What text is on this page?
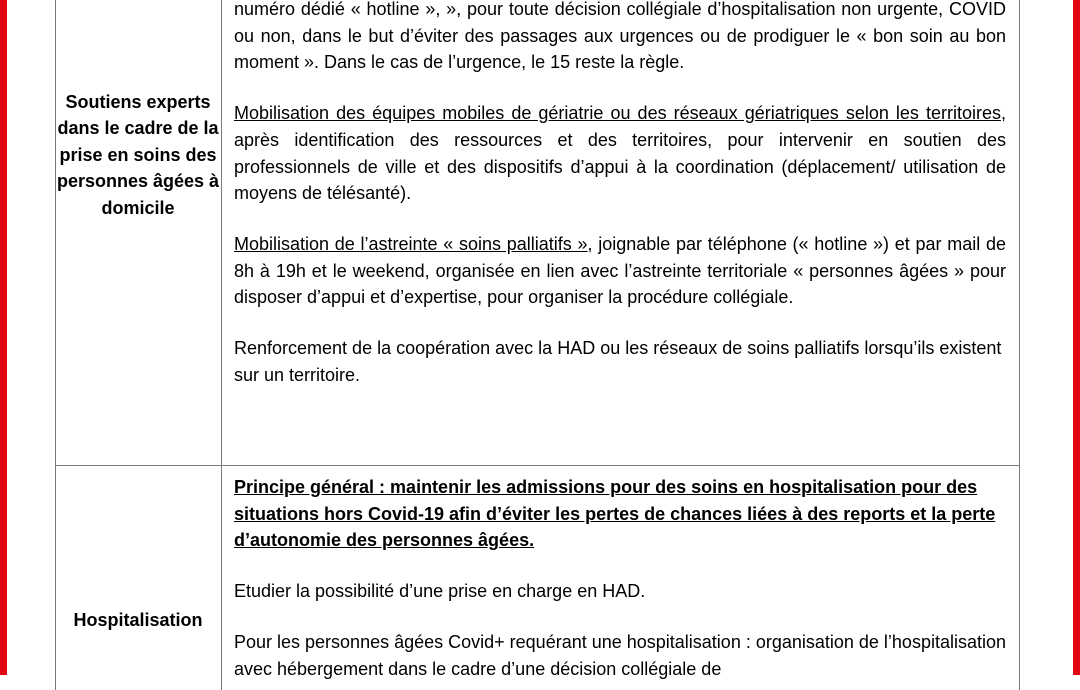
Soutiens experts dans le cadre de la prise en soins des personnes âgées à domicile

numéro dédié « hotline », », pour toute décision collégiale d’hospitalisation non urgente, COVID ou non, dans le but d’éviter des passages aux urgences ou de prodiguer le « bon soin au bon moment ». Dans le cas de l’urgence, le 15 reste la règle.

Mobilisation des équipes mobiles de gériatrie ou des réseaux gériatriques selon les territoires, après identification des ressources et des territoires, pour intervenir en soutien des professionnels de ville et des dispositifs d’appui à la coordination (déplacement/ utilisation de moyens de télésanté).

Mobilisation de l’astreinte « soins palliatifs », joignable par téléphone (« hotline ») et par mail de 8h à 19h et le weekend, organisée en lien avec l’astreinte territoriale « personnes âgées » pour disposer d’appui et d’expertise, pour organiser la procédure collégiale.

Renforcement de la coopération avec la HAD ou les réseaux de soins palliatifs lorsqu’ils existent sur un territoire.

Hospitalisation

Principe général : maintenir les admissions pour des soins en hospitalisation pour des situations hors Covid-19 afin d’éviter les pertes de chances liées à des reports et la perte d’autonomie des personnes âgées.

Etudier la possibilité d’une prise en charge en HAD.

Pour les personnes âgées Covid+ requérant une hospitalisation : organisation de l’hospitalisation avec hébergement dans le cadre d’une décision collégiale de
